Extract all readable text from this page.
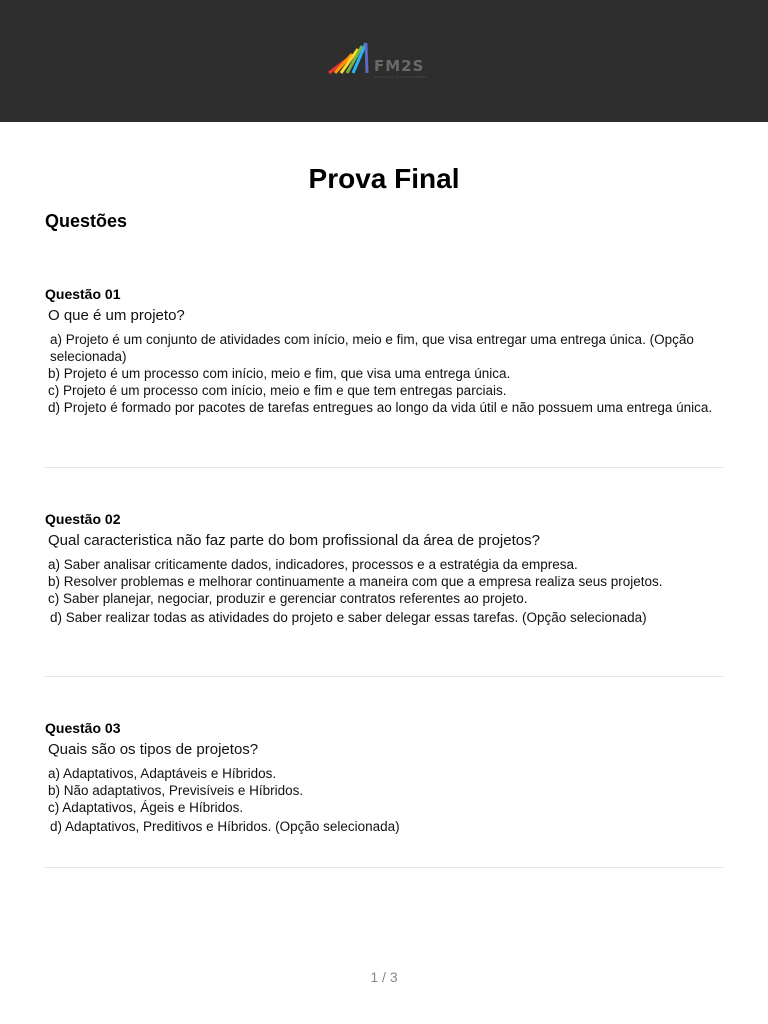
FM2S
EDUCAÇÃO E CONSULTORIA
Prova Final
Questões
Questão 01
O que é um projeto?

a) Projeto é um conjunto de atividades com início, meio e fim, que visa entregar uma entrega única. (Opção selecionada)

b) Projeto é um processo com início, meio e fim, que visa uma entrega única.

c) Projeto é um processo com início, meio e fim e que tem entregas parciais.

d) Projeto é formado por pacotes de tarefas entregues ao longo da vida útil e não possuem uma entrega única.

Questão 02
Qual caracteristica não faz parte do bom profissional da área de projetos?

a) Saber analisar criticamente dados, indicadores, processos e a estratégia da empresa.

b) Resolver problemas e melhorar continuamente a maneira com que a empresa realiza seus projetos.

c) Saber planejar, negociar, produzir e gerenciar contratos referentes ao projeto.

d) Saber realizar todas as atividades do projeto e saber delegar essas tarefas. (Opção selecionada)

Questão 03
Quais são os tipos de projetos?

a) Adaptativos, Adaptáveis e Híbridos.

b) Não adaptativos, Previsíveis e Híbridos.

c) Adaptativos, Ágeis e Híbridos.

d) Adaptativos, Preditivos e Híbridos. (Opção selecionada)

1 / 3
